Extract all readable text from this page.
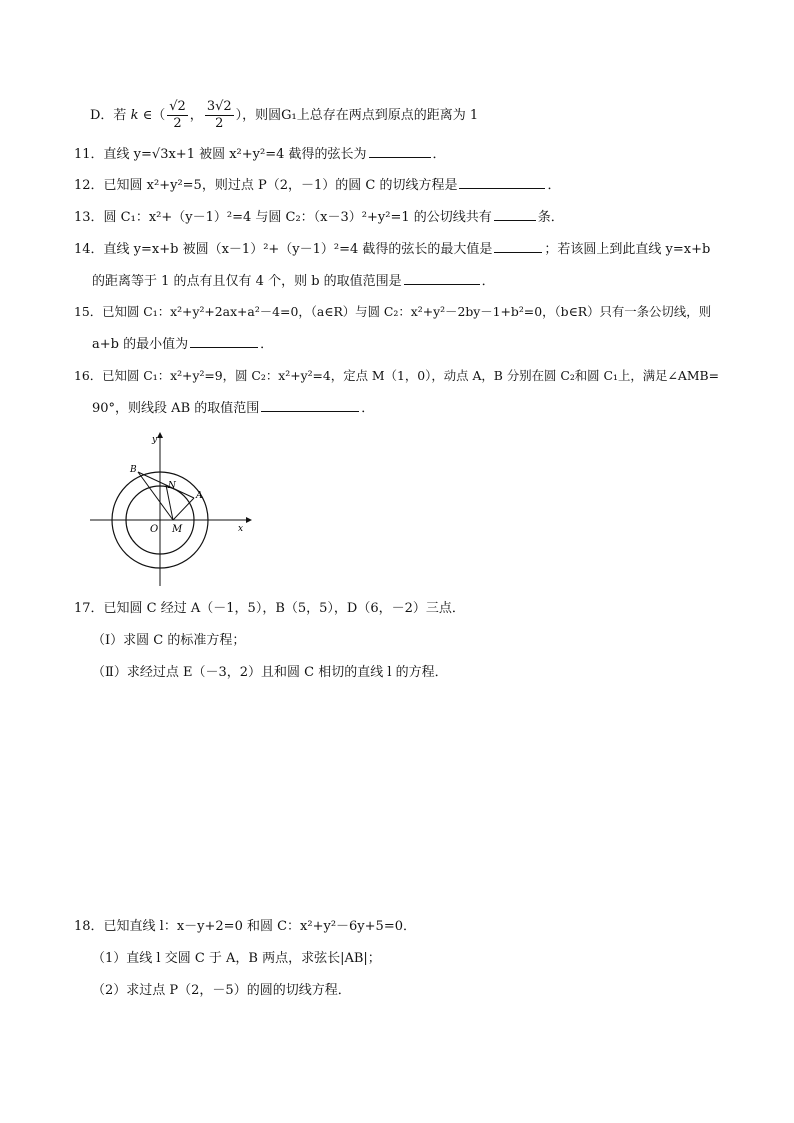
D．若 k ∈（ $\frac{√2}{2}$ ， $\frac{3√2}{2}$ ），则圆G₁上总存在两点到原点的距离为 1
11．直线 y=√3x+1 被圆 x²+y²=4 截得的弦长为	．
12．已知圆 x²+y²=5，则过点 P（2，－1）的圆 C 的切线方程是	．
13．圆 C₁：x²+（y－1）²=4 与圆 C₂：（x－3）²+y²=1 的公切线共有	条．
14．直线 y=x+b 被圆（x－1）²+（y－1）²=4 截得的弦长的最大值是	；若该圆上到此直线 y=x+b
的距离等于 1 的点有且仅有 4 个，则 b 的取值范围是	．
15．已知圆 C₁：x²+y²+2ax+a²－4=0，（a∈R）与圆 C₂：x²+y²－2by－1+b²=0，（b∈R）只有一条公切线，则
a+b 的最小值为	．
16．已知圆 C₁：x²+y²=9，圆 C₂：x²+y²=4，定点 M（1，0），动点 A，B 分别在圆 C₂和圆 C₁上，满足∠AMB=
90°，则线段 AB 的取值范围	．
y
x
O M
N
A
B
17．已知圆 C 经过 A（－1，5），B（5，5），D（6，－2）三点．
（Ⅰ）求圆 C 的标准方程；
（Ⅱ）求经过点 E（－3，2）且和圆 C 相切的直线 l 的方程．
18．已知直线 l：x－y+2=0 和圆 C：x²+y²－6y+5=0．
（1）直线 l 交圆 C 于 A，B 两点，求弦长|AB|；
（2）求过点 P（2，－5）的圆的切线方程．
